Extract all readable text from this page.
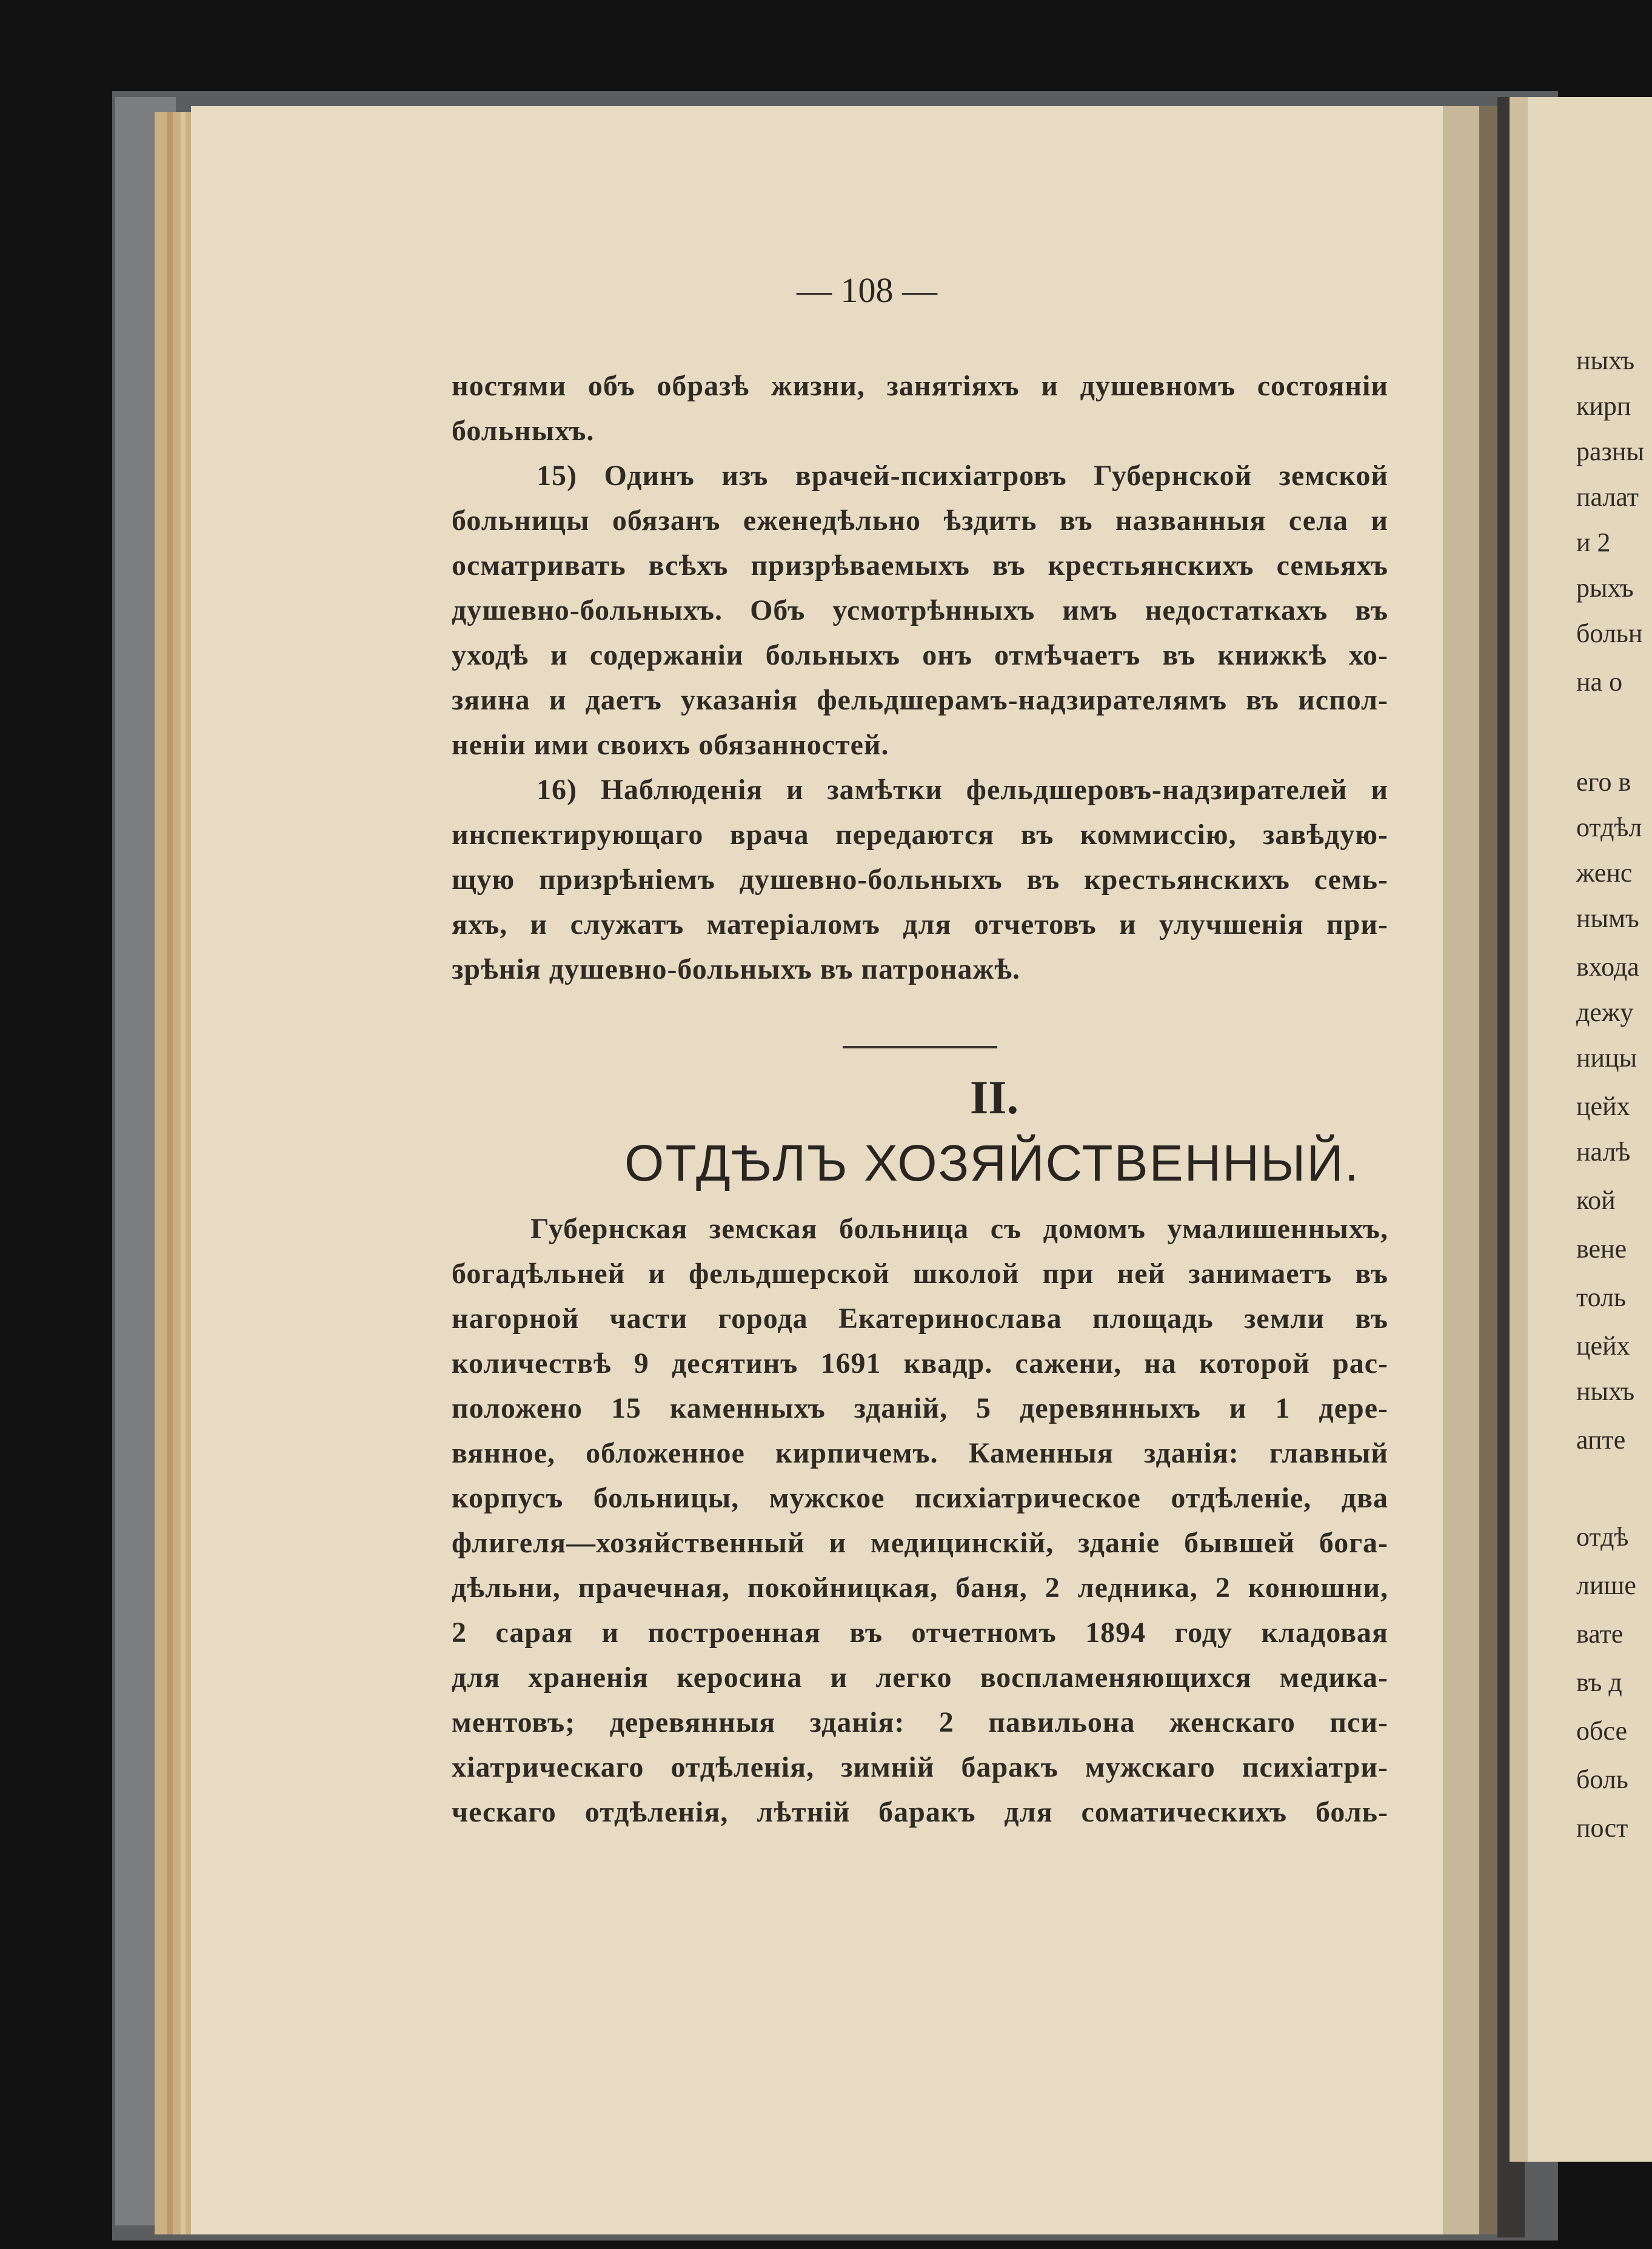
— 108 —
ностями объ образѣ жизни, занятіяхъ и душевномъ состояніи
больныхъ.
15) Одинъ изъ врачей-психіатровъ Губернской земской
больницы обязанъ еженедѣльно ѣздить въ названныя села и
осматривать всѣхъ призрѣваемыхъ въ крестьянскихъ семьяхъ
душевно-больныхъ. Объ усмотрѣнныхъ имъ недостаткахъ въ
уходѣ и содержаніи больныхъ онъ отмѣчаетъ въ книжкѣ хо-
зяина и даетъ указанія фельдшерамъ-надзирателямъ въ испол-
неніи ими своихъ обязанностей.
16) Наблюденія и замѣтки фельдшеровъ-надзирателей и
инспектирующаго врача передаются въ коммиссію, завѣдую-
щую призрѣніемъ душевно-больныхъ въ крестьянскихъ семь-
яхъ, и служатъ матеріаломъ для отчетовъ и улучшенія при-
зрѣнія душевно-больныхъ въ патронажѣ.
II.
ОТДѢЛЪ ХОЗЯЙСТВЕННЫЙ.
Губернская земская больница съ домомъ умалишенныхъ,
богадѣльней и фельдшерской школой при ней занимаетъ въ
нагорной части города Екатеринослава площадь земли въ
количествѣ 9 десятинъ 1691 квадр. сажени, на которой рас-
положено 15 каменныхъ зданій, 5 деревянныхъ и 1 дере-
вянное, обложенное кирпичемъ. Каменныя зданія: главный
корпусъ больницы, мужское психіатрическое отдѣленіе, два
флигеля—хозяйственный и медицинскій, зданіе бывшей бога-
дѣльни, прачечная, покойницкая, баня, 2 ледника, 2 конюшни,
2 сарая и построенная въ отчетномъ 1894 году кладовая
для храненія керосина и легко воспламеняющихся медика-
ментовъ; деревянныя зданія: 2 павильона женскаго пси-
хіатрическаго отдѣленія, зимній баракъ мужскаго психіатри-
ческаго отдѣленія, лѣтній баракъ для соматическихъ боль-
ныхъ
кирп
разны
палат
и 2
рыхъ
больн
на о
его в
отдѣл
женс
нымъ
входа
дежу
ницы
цейх
налѣ
кой
вене
толь
цейх
ныхъ
апте
отдѣ
лише
ватe
въ д
обсе
боль
пост
